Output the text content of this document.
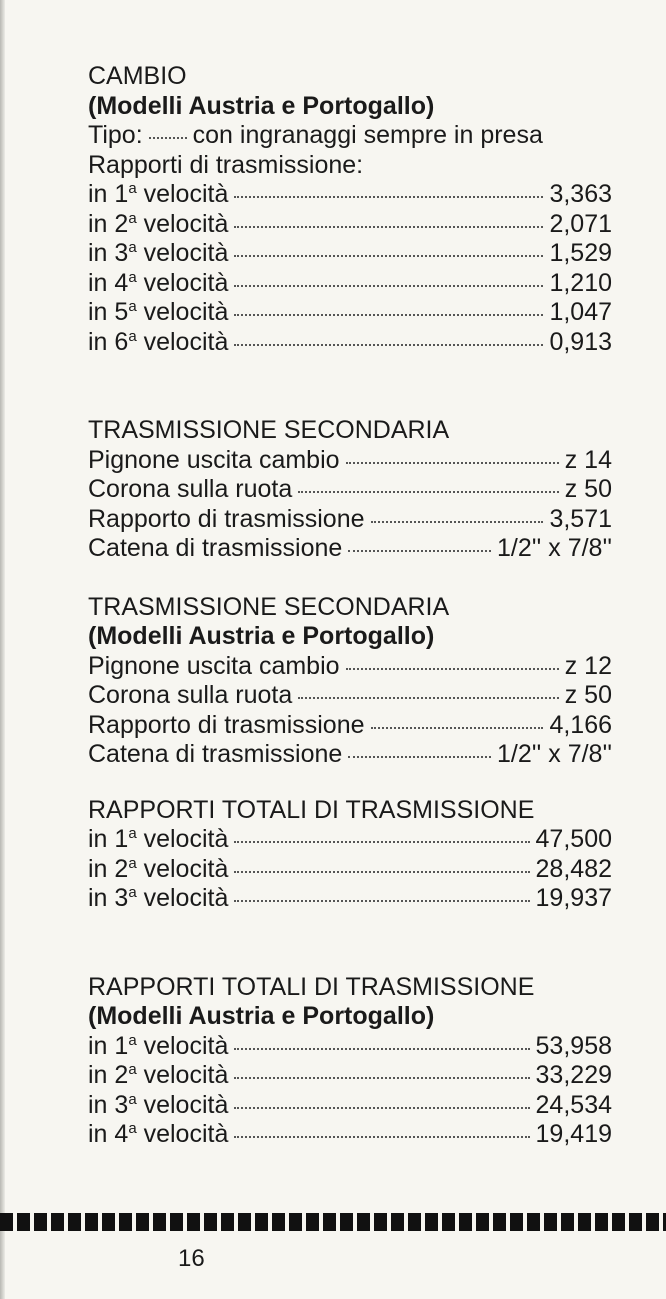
CAMBIO
(Modelli Austria e Portogallo)
Tipo: con ingranaggi sempre in presa
Rapporti di trasmissione:
in 1$^a$ velocità	3,363
in 2$^a$ velocità	2,071
in 3$^a$ velocità	1,529
in 4$^a$ velocità	1,210
in 5$^a$ velocità	1,047
in 6$^a$ velocità	0,913
TRASMISSIONE SECONDARIA
Pignone uscita cambio	z 14
Corona sulla ruota	z 50
Rapporto di trasmissione	3,571
Catena di trasmissione	1/2'' x 7/8''
TRASMISSIONE SECONDARIA
(Modelli Austria e Portogallo)
Pignone uscita cambio	z 12
Corona sulla ruota	z 50
Rapporto di trasmissione	4,166
Catena di trasmissione	1/2'' x 7/8''
RAPPORTI TOTALI DI TRASMISSIONE
in 1$^a$ velocità	47,500
in 2$^a$ velocità	28,482
in 3$^a$ velocità	19,937
RAPPORTI TOTALI DI TRASMISSIONE
(Modelli Austria e Portogallo)
in 1$^a$ velocità	53,958
in 2$^a$ velocità	33,229
in 3$^a$ velocità	24,534
in 4$^a$ velocità	19,419
16
